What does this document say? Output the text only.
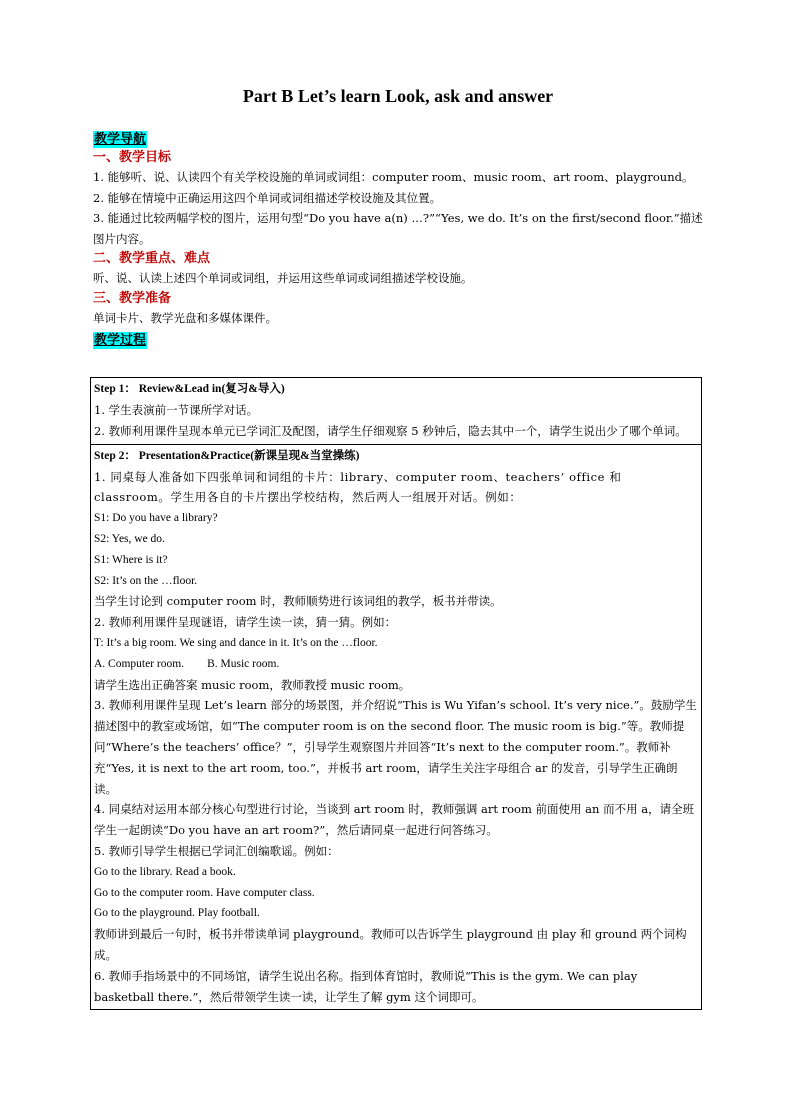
Part B Let’s learn Look, ask and answer
教学导航
一、教学目标
1. 能够听、说、认读四个有关学校设施的单词或词组：computer room、music room、art room、playground。
2. 能够在情境中正确运用这四个单词或词组描述学校设施及其位置。
3. 能通过比较两幅学校的图片，运用句型“Do you have a(n) …?”“Yes, we do. It’s on the first/second floor.”描述图片内容。
二、教学重点、难点
听、说、认读上述四个单词或词组，并运用这些单词或词组描述学校设施。
三、教学准备
单词卡片、教学光盘和多媒体课件。
教学过程
Step 1： Review&Lead in(复习&导入)
1. 学生表演前一节课所学对话。
2. 教师利用课件呈现本单元已学词汇及配图，请学生仔细观察 5 秒钟后，隐去其中一个，请学生说出少了哪个单词。

Step 2： Presentation&Practice(新课呈现&当堂操练)
1. 同桌每人准备如下四张单词和词组的卡片：library、computer room、teachers’ office 和 classroom。学生用各自的卡片摆出学校结构，然后两人一组展开对话。例如：
S1: Do you have a library?
S2: Yes, we do.
S1: Where is it?
S2: It’s on the …floor.
当学生讨论到 computer room 时，教师顺势进行该词组的教学，板书并带读。
2. 教师利用课件呈现谜语，请学生读一读，猜一猜。例如：
T: It’s a big room. We sing and dance in it. It’s on the …floor.
A. Computer room.        B. Music room.
请学生选出正确答案 music room，教师教授 music room。
3. 教师利用课件呈现 Let’s learn 部分的场景图，并介绍说“This is Wu Yifan’s school. It’s very nice.”。鼓励学生描述图中的教室或场馆，如“The computer room is on the second floor. The music room is big.”等。教师提问“Where’s the teachers’ office？”，引导学生观察图片并回答“It’s next to the computer room.”。教师补充“Yes, it is next to the art room, too.”，并板书 art room，请学生关注字母组合 ar 的发音，引导学生正确朗读。
4. 同桌结对运用本部分核心句型进行讨论，当谈到 art room 时，教师强调 art room 前面使用 an 而不用 a，请全班学生一起朗读“Do you have an art room?”，然后请同桌一起进行问答练习。
5. 教师引导学生根据已学词汇创编歌谣。例如：
Go to the library. Read a book.
Go to the computer room. Have computer class.
Go to the playground. Play football.
教师讲到最后一句时，板书并带读单词 playground。教师可以告诉学生 playground 由 play 和 ground 两个词构成。
6. 教师手指场景中的不同场馆，请学生说出名称。指到体育馆时，教师说“This is the gym. We can play basketball there.”，然后带领学生读一读，让学生了解 gym 这个词即可。
